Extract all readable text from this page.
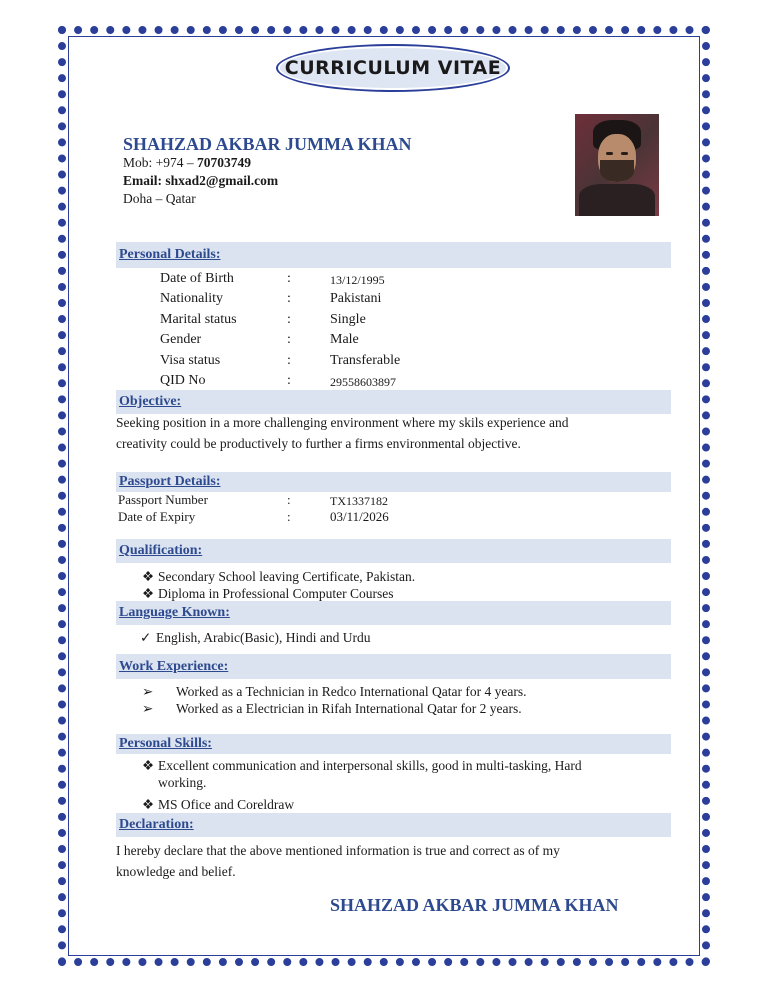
CURRICULUM VITAE
SHAHZAD AKBAR JUMMA KHAN
Mob: +974 – 70703749
Email: shxad2@gmail.com
Doha – Qatar
Personal Details:
Date of Birth	:	13/12/1995
Nationality	:	Pakistani
Marital status	:	Single
Gender	:	Male
Visa status	:	Transferable
QID No	:	29558603897
Objective:
Seeking position in a more challenging environment where my skils experience and
creativity could be productively to further a firms environmental objective.
Passport Details:
Passport Number	:	TX1337182
Date of Expiry	:	03/11/2026
Qualification:
❖ Secondary School leaving Certificate, Pakistan.
❖ Diploma in Professional Computer Courses
Language Known:
✓ English, Arabic(Basic), Hindi and Urdu
Work Experience:
➢ Worked as a Technician in Redco International Qatar for 4 years.
➢ Worked as a Electrician in Rifah International Qatar for 2 years.
Personal Skills:
❖ Excellent communication and interpersonal skills, good in multi-tasking, Hard
working.
❖ MS Ofice and Coreldraw
Declaration:
I hereby declare that the above mentioned information is true and correct as of my
knowledge and belief.
SHAHZAD AKBAR JUMMA KHAN
